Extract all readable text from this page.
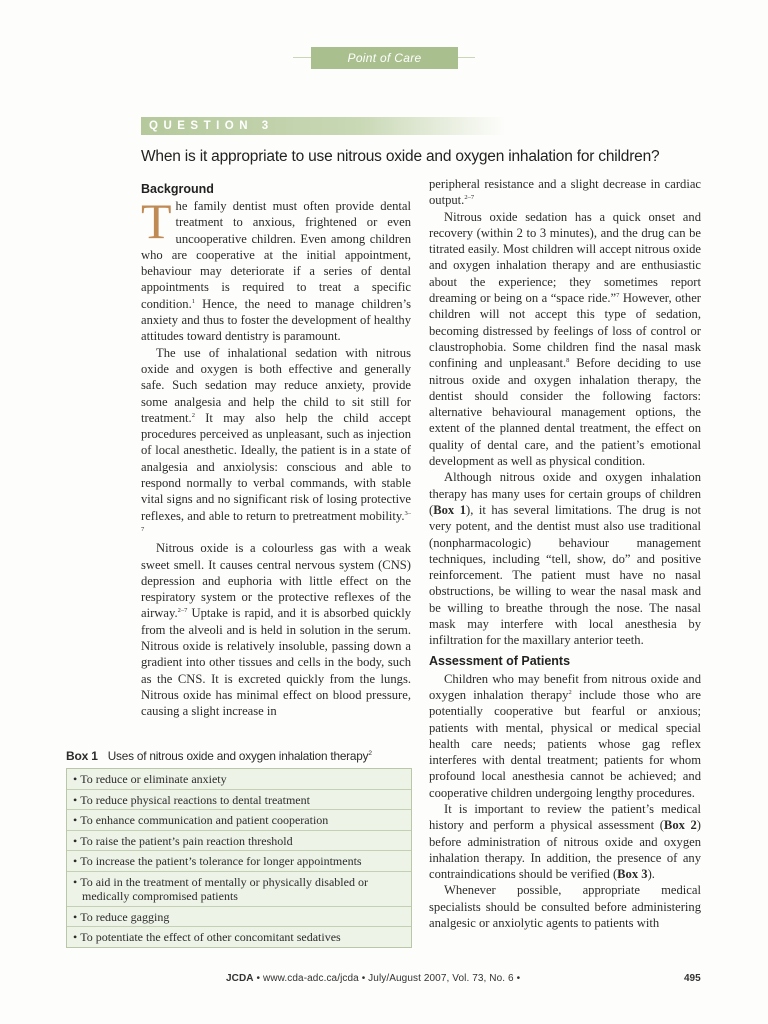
Point of Care
QUESTION 3
When is it appropriate to use nitrous oxide and oxygen inhalation for children?
Background

The family dentist must often provide dental treatment to anxious, frightened or even uncooperative children. Even among children who are cooperative at the initial appointment, behaviour may deteriorate if a series of dental appointments is required to treat a specific condition.$^1$ Hence, the need to manage children’s anxiety and thus to foster the development of healthy attitudes toward dentistry is paramount.

The use of inhalational sedation with nitrous oxide and oxygen is both effective and generally safe. Such sedation may reduce anxiety, provide some analgesia and help the child to sit still for treatment.$^2$ It may also help the child accept procedures perceived as unpleasant, such as injection of local anesthetic. Ideally, the patient is in a state of analgesia and anxiolysis: conscious and able to respond normally to verbal commands, with stable vital signs and no significant risk of losing protective reflexes, and able to return to pretreatment mobility.$^{3-7}$

Nitrous oxide is a colourless gas with a weak sweet smell. It causes central nervous system (CNS) depression and euphoria with little effect on the respiratory system or the protective reflexes of the airway.$^{2-7}$ Uptake is rapid, and it is absorbed quickly from the alveoli and is held in solution in the serum. Nitrous oxide is relatively insoluble, passing down a gradient into other tissues and cells in the body, such as the CNS. It is excreted quickly from the lungs. Nitrous oxide has minimal effect on blood pressure, causing a slight increase in

Box 1 Uses of nitrous oxide and oxygen inhalation therapy$^2$
• To reduce or eliminate anxiety
• To reduce physical reactions to dental treatment
• To enhance communication and patient cooperation
• To raise the patient’s pain reaction threshold
• To increase the patient’s tolerance for longer appointments
• To aid in the treatment of mentally or physically disabled or medically compromised patients
• To reduce gagging
• To potentiate the effect of other concomitant sedatives

peripheral resistance and a slight decrease in cardiac output.$^{2-7}$

Nitrous oxide sedation has a quick onset and recovery (within 2 to 3 minutes), and the drug can be titrated easily. Most children will accept nitrous oxide and oxygen inhalation therapy and are enthusiastic about the experience; they sometimes report dreaming or being on a “space ride.”$^7$ However, other children will not accept this type of sedation, becoming distressed by feelings of loss of control or claustrophobia. Some children find the nasal mask confining and unpleasant.$^8$ Before deciding to use nitrous oxide and oxygen inhalation therapy, the dentist should consider the following factors: alternative behavioural management options, the extent of the planned dental treatment, the effect on quality of dental care, and the patient’s emotional development as well as physical condition.

Although nitrous oxide and oxygen inhalation therapy has many uses for certain groups of children (Box 1), it has several limitations. The drug is not very potent, and the dentist must also use traditional (nonpharmacologic) behaviour management techniques, including “tell, show, do” and positive reinforcement. The patient must have no nasal obstructions, be willing to wear the nasal mask and be willing to breathe through the nose. The nasal mask may interfere with local anesthesia by infiltration for the maxillary anterior teeth.

Assessment of Patients

Children who may benefit from nitrous oxide and oxygen inhalation therapy$^2$ include those who are potentially cooperative but fearful or anxious; patients with mental, physical or medical special health care needs; patients whose gag reflex interferes with dental treatment; patients for whom profound local anesthesia cannot be achieved; and cooperative children undergoing lengthy procedures.

It is important to review the patient’s medical history and perform a physical assessment (Box 2) before administration of nitrous oxide and oxygen inhalation therapy. In addition, the presence of any contraindications should be verified (Box 3).

Whenever possible, appropriate medical specialists should be consulted before administering analgesic or anxiolytic agents to patients with

JCDA • www.cda-adc.ca/jcda • July/August 2007, Vol. 73, No. 6 •	495
